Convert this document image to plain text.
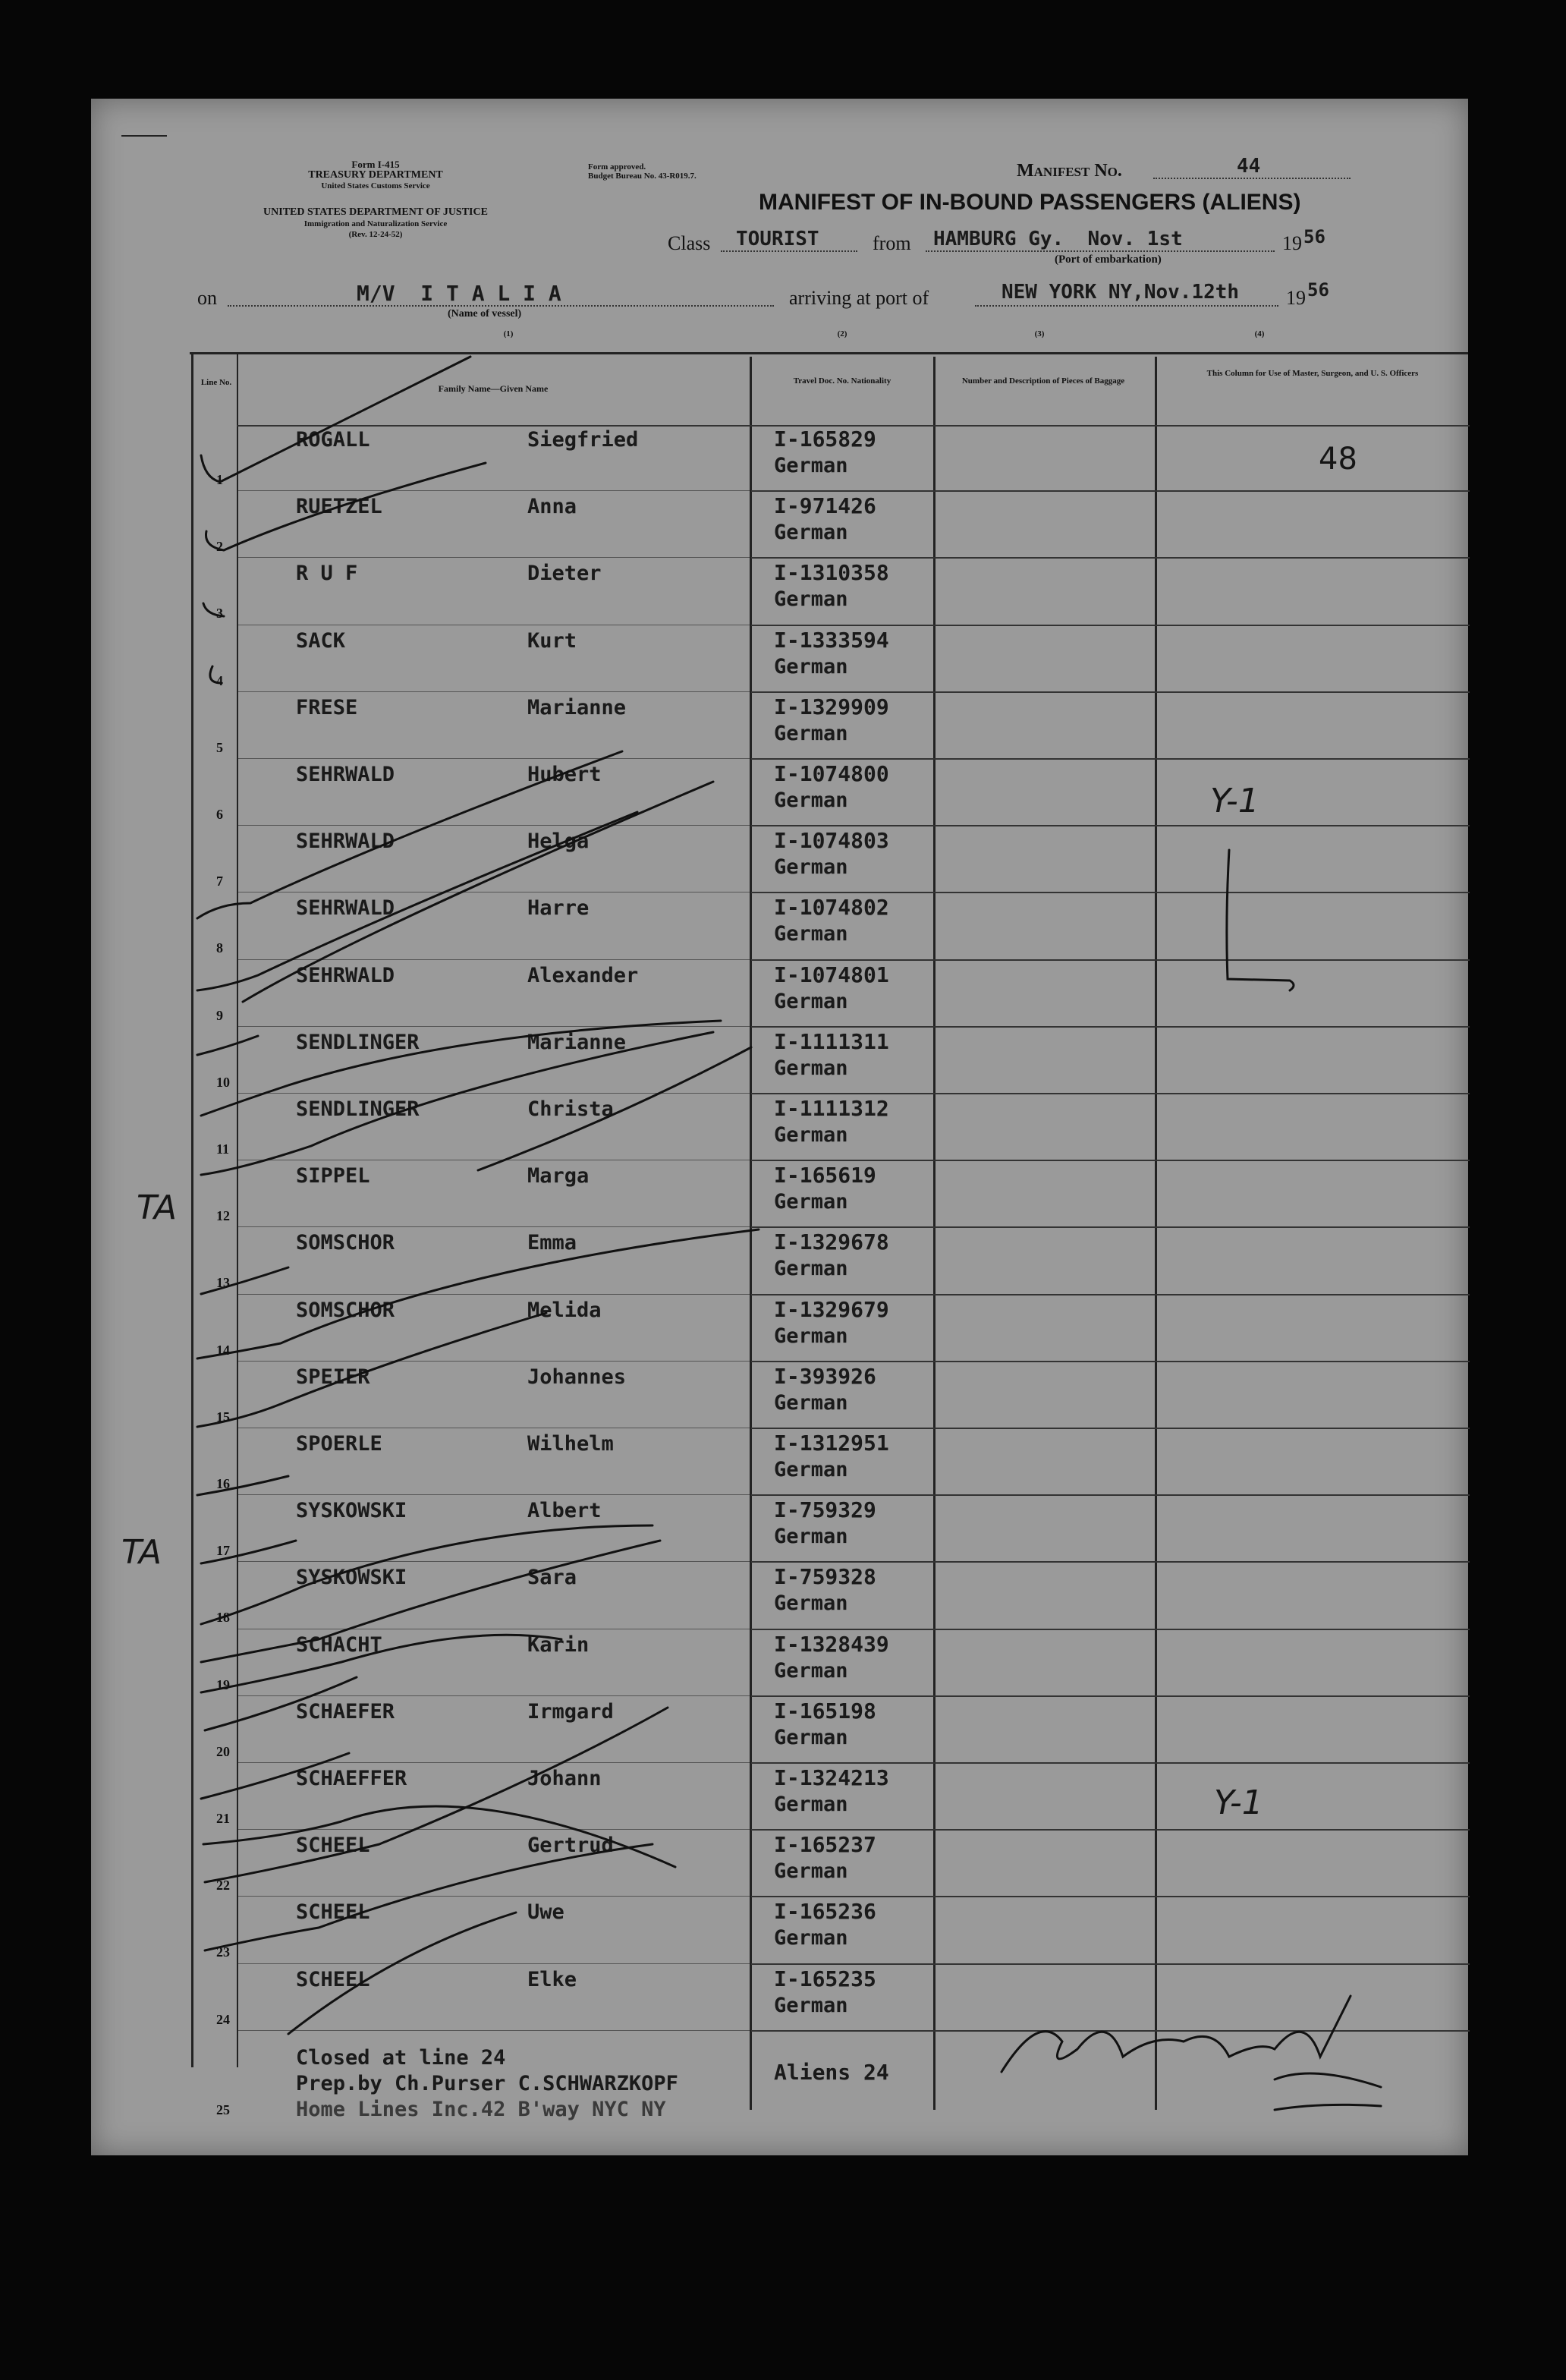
Form I-415
TREASURY DEPARTMENT
United States Customs Service
UNITED STATES DEPARTMENT OF JUSTICE
Immigration and Naturalization Service
(Rev. 12-24-52)
Form approved.
Budget Bureau No. 43-R019.7.	Manifest No.	44
MANIFEST OF IN-BOUND PASSENGERS (ALIENS)
Class TOURIST	from HAMBURG Gy.  Nov. 1st	19 56
(Port of embarkation)
on	M/V  I T A L I A
(Name of vessel)
arriving at port of	NEW YORK NY,Nov.12th 19 56
(1)	(2)	(3)	(4)
Line No.
Family Name—Given Name
Travel Doc. No. Nationality	Number and Description of Pieces of Baggage
This Column for Use of Master, Surgeon, and U. S. Officers
1
ROGALL	Siegfried	I-165829
German
2
RUETZEL	Anna	I-971426
German
3
R U F	Dieter	I-1310358
German
4
SACK	Kurt	I-1333594
German
5
FRESE	Marianne	I-1329909
German
6
SEHRWALD	Hubert	I-1074800
German
7
SEHRWALD	Helga	I-1074803
German
8
SEHRWALD	Harre	I-1074802
German
9
SEHRWALD	Alexander	I-1074801
German
10
SENDLINGER	Marianne	I-1111311
German
11
SENDLINGER	Christa	I-1111312
German
12
SIPPEL	Marga	I-165619
German
13
SOMSCHOR	Emma	I-1329678
German
14
SOMSCHOR	Melida	I-1329679
German
15
SPEIER	Johannes	I-393926
German
16
SPOERLE	Wilhelm	I-1312951
German
17
SYSKOWSKI	Albert	I-759329
German
18
SYSKOWSKI	Sara	I-759328
German
19
SCHACHT	Karin	I-1328439
German
20
SCHAEFER	Irmgard	I-165198
German
21
SCHAEFFER	Johann	I-1324213
German
22
SCHEEL	Gertrud	I-165237
German
23
SCHEEL	Uwe	I-165236
German
24
SCHEEL	Elke	I-165235
German
25
Closed at line 24
Prep.by Ch.Purser C.SCHWARZKOPF
Home Lines Inc.42 B'way NYC NY
Aliens 24
48
Y-1
Y-1
TA
TA
